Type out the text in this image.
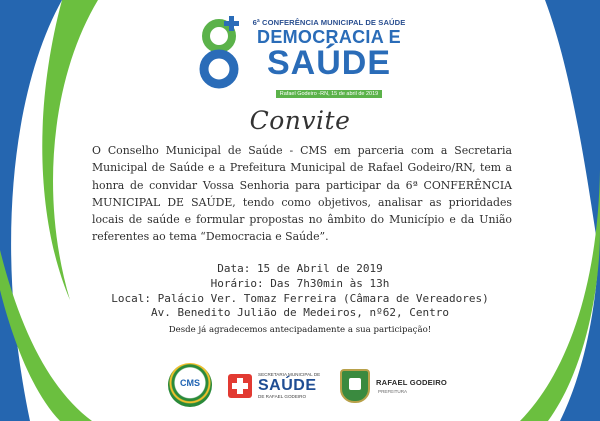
6ª CONFERÊNCIA MUNICIPAL DE SAÚDE
DEMOCRACIA E
SAÚDE
Rafael Godeiro -RN, 15 de abril de 2019
Convite
O Conselho Municipal de Saúde - CMS em parceria com a Secretaria Municipal de Saúde e a Prefeitura Municipal de Rafael Godeiro/RN, tem a honra de convidar Vossa Senhoria para participar da 6ª CONFERÊNCIA MUNICIPAL DE SAÚDE, tendo como objetivos, analisar as prioridades locais de saúde e formular propostas no âmbito do Município e da União referentes ao tema “Democracia e Saúde”.
Data: 15 de Abril de 2019
Horário: Das 7h30min às 13h
Local: Palácio Ver. Tomaz Ferreira (Câmara de Vereadores)
Av. Benedito Julião de Medeiros, nº62, Centro
Desde já agradecemos antecipadamente a sua participação!
CMS
SECRETARIA MUNICIPAL DE
SAÚDE
DE RAFAEL GODEIRO
RAFAEL GODEIRO
PREFEITURA
